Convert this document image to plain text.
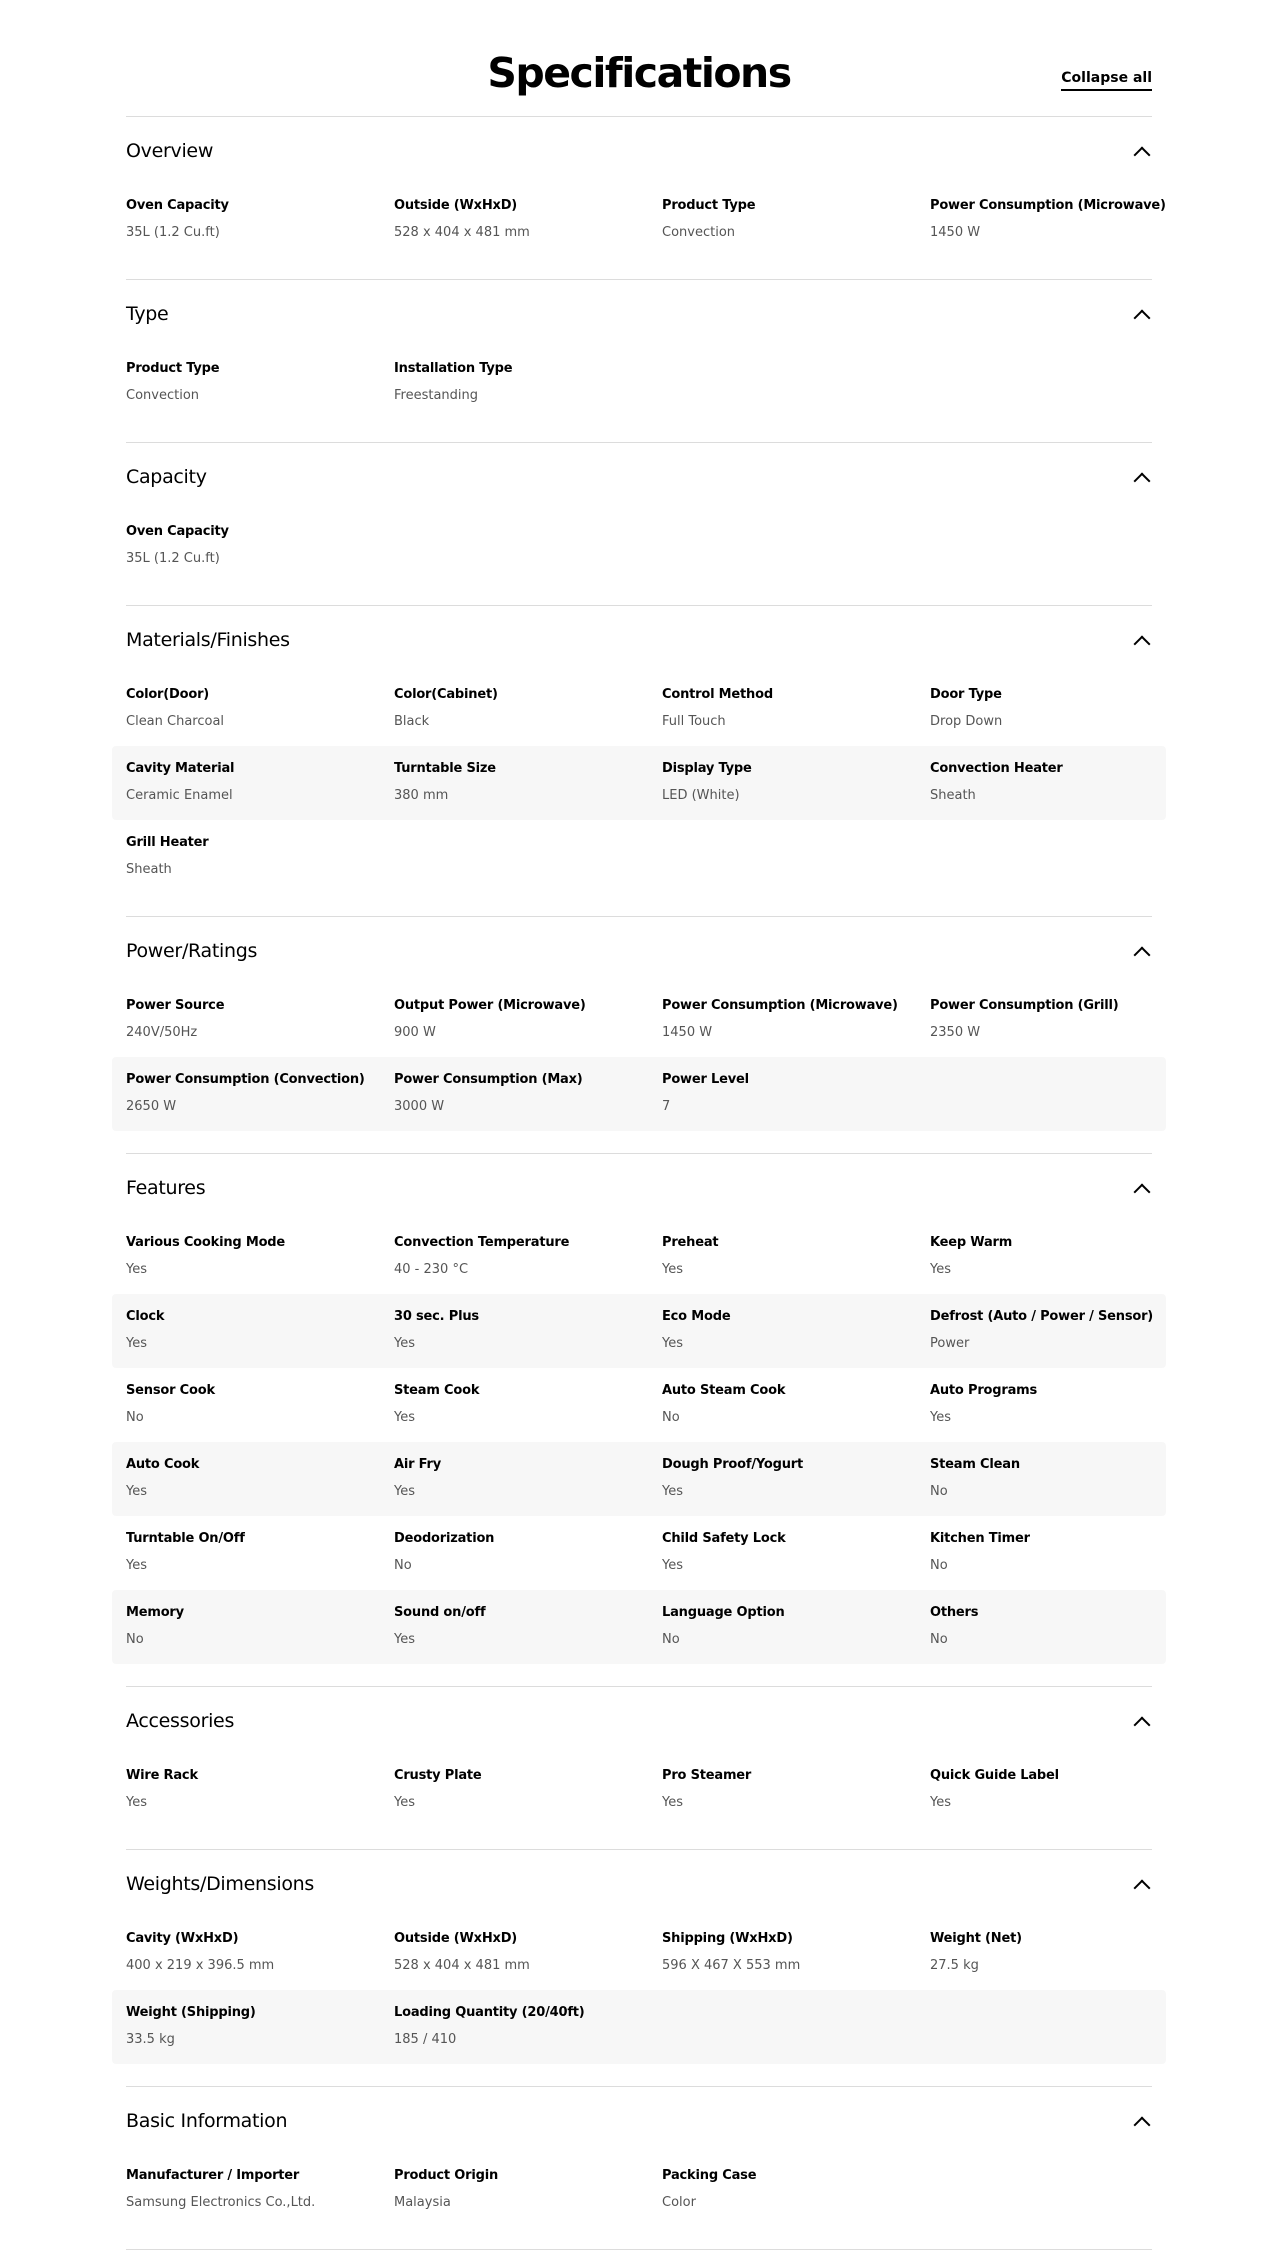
Specifications	Collapse all
Overview
Oven Capacity
35L (1.2 Cu.ft)
Outside (WxHxD)
528 x 404 x 481 mm
Product Type
Convection
Power Consumption (Microwave)
1450 W
Type
Product Type
Convection
Installation Type
Freestanding
Capacity
Oven Capacity
35L (1.2 Cu.ft)
Materials/Finishes
Color(Door)
Clean Charcoal
Color(Cabinet)
Black
Control Method
Full Touch
Door Type
Drop Down
Cavity Material
Ceramic Enamel
Turntable Size
380 mm
Display Type
LED (White)
Convection Heater
Sheath
Grill Heater
Sheath
Power/Ratings
Power Source
240V/50Hz
Output Power (Microwave)
900 W
Power Consumption (Microwave)
1450 W
Power Consumption (Grill)
2350 W
Power Consumption (Convection)
2650 W
Power Consumption (Max)
3000 W
Power Level
7
Features
Various Cooking Mode
Yes
Convection Temperature
40 - 230 °C
Preheat
Yes
Keep Warm
Yes
Clock
Yes
30 sec. Plus
Yes
Eco Mode
Yes
Defrost (Auto / Power / Sensor)
Power
Sensor Cook
No
Steam Cook
Yes
Auto Steam Cook
No
Auto Programs
Yes
Auto Cook
Yes
Air Fry
Yes
Dough Proof/Yogurt
Yes
Steam Clean
No
Turntable On/Off
Yes
Deodorization
No
Child Safety Lock
Yes
Kitchen Timer
No
Memory
No
Sound on/off
Yes
Language Option
No
Others
No
Accessories
Wire Rack
Yes
Crusty Plate
Yes
Pro Steamer
Yes
Quick Guide Label
Yes
Weights/Dimensions
Cavity (WxHxD)
400 x 219 x 396.5 mm
Outside (WxHxD)
528 x 404 x 481 mm
Shipping (WxHxD)
596 X 467 X 553 mm
Weight (Net)
27.5 kg
Weight (Shipping)
33.5 kg
Loading Quantity (20/40ft)
185 / 410
Basic Information
Manufacturer / Importer
Samsung Electronics Co.,Ltd.
Product Origin
Malaysia
Packing Case
Color
